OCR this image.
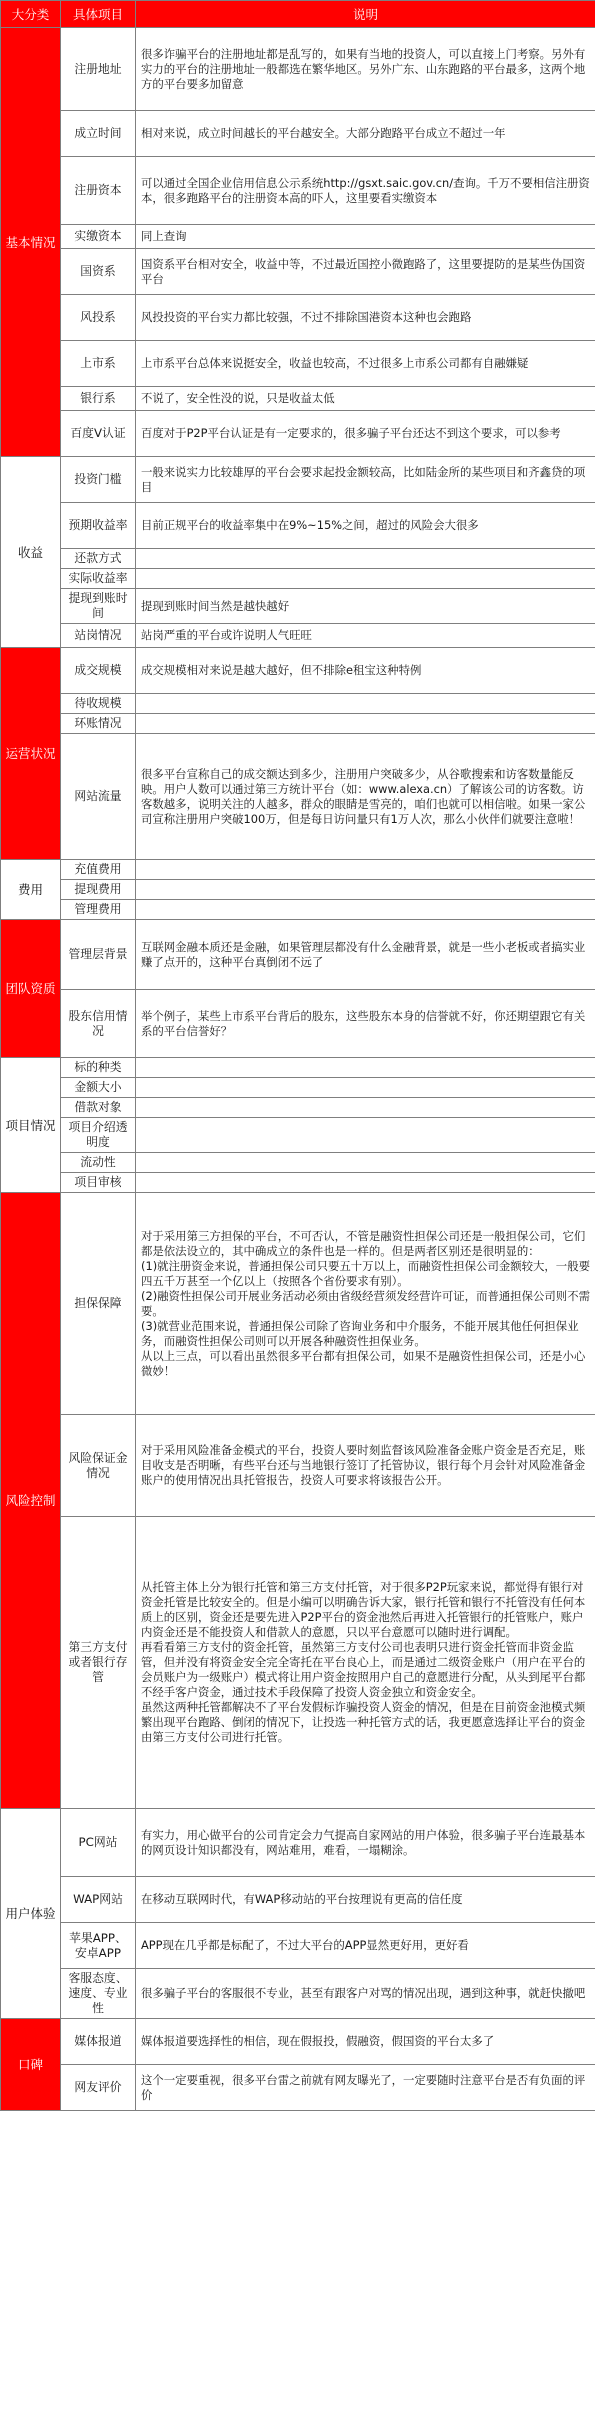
大分类	具体项目	说明
基本情况	注册地址	很多诈骗平台的注册地址都是乱写的，如果有当地的投资人，可以直接上门考察。另外有实力的平台的注册地址一般都选在繁华地区。另外广东、山东跑路的平台最多，这两个地方的平台要多加留意
	成立时间	相对来说，成立时间越长的平台越安全。大部分跑路平台成立不超过一年
	注册资本	可以通过全国企业信用信息公示系统http://gsxt.saic.gov.cn/查询。千万不要相信注册资本，很多跑路平台的注册资本高的吓人，这里要看实缴资本
	实缴资本	同上查询
	国资系	国资系平台相对安全，收益中等，不过最近国控小微跑路了，这里要提防的是某些伪国资平台
	风投系	风投投资的平台实力都比较强，不过不排除国港资本这种也会跑路
	上市系	上市系平台总体来说挺安全，收益也较高，不过很多上市系公司都有自融嫌疑
	银行系	不说了，安全性没的说，只是收益太低
	百度V认证	百度对于P2P平台认证是有一定要求的，很多骗子平台还达不到这个要求，可以参考
收益	投资门槛	一般来说实力比较雄厚的平台会要求起投金额较高，比如陆金所的某些项目和齐鑫贷的项目
	预期收益率	目前正规平台的收益率集中在9%~15%之间，超过的风险会大很多
	还款方式	
	实际收益率	
	提现到账时间	提现到账时间当然是越快越好
	站岗情况	站岗严重的平台或许说明人气旺旺
运营状况	成交规模	成交规模相对来说是越大越好，但不排除e租宝这种特例
	待收规模	
	环账情况	
	网站流量	很多平台宣称自己的成交额达到多少，注册用户突破多少，从谷歌搜索和访客数量能反映。用户人数可以通过第三方统计平台（如：www.alexa.cn）了解该公司的访客数。访客数越多，说明关注的人越多，群众的眼睛是雪亮的，咱们也就可以相信啦。如果一家公司宣称注册用户突破100万，但是每日访问量只有1万人次，那么小伙伴们就要注意啦！
费用	充值费用	
	提现费用	
	管理费用	
团队资质	管理层背景	互联网金融本质还是金融，如果管理层都没有什么金融背景，就是一些小老板或者搞实业赚了点开的，这种平台真倒闭不远了
	股东信用情况	举个例子，某些上市系平台背后的股东，这些股东本身的信誉就不好，你还期望跟它有关系的平台信誉好？
项目情况	标的种类	
	金额大小	
	借款对象	
	项目介绍透明度	
	流动性	
	项目审核	
风险控制	担保保障	对于采用第三方担保的平台，不可否认，不管是融资性担保公司还是一般担保公司，它们都是依法设立的，其中确成立的条件也是一样的。但是两者区别还是很明显的：
(1)就注册资金来说，普通担保公司只要五十万以上，而融资性担保公司金额较大，一般要四五千万甚至一个亿以上（按照各个省份要求有别）。
(2)融资性担保公司开展业务活动必须由省级经营须发经营许可证，而普通担保公司则不需要。
(3)就营业范围来说，普通担保公司除了咨询业务和中介服务，不能开展其他任何担保业务，而融资性担保公司则可以开展各种融资性担保业务。
从以上三点，可以看出虽然很多平台都有担保公司，如果不是融资性担保公司，还是小心微妙！
	风险保证金情况	对于采用风险准备金模式的平台，投资人要时刻监督该风险准备金账户资金是否充足，账目收支是否明晰，有些平台还与当地银行签订了托管协议，银行每个月会针对风险准备金账户的使用情况出具托管报告，投资人可要求将该报告公开。
	第三方支付或者银行存管	从托管主体上分为银行托管和第三方支付托管，对于很多P2P玩家来说，都觉得有银行对资金托管是比较安全的。但是小编可以明确告诉大家，银行托管和银行不托管没有任何本质上的区别，资金还是要先进入P2P平台的资金池然后再进入托管银行的托管账户，账户内资金还是不能投资人和借款人的意愿，只以平台意愿可以随时进行调配。
再看看第三方支付的资金托管，虽然第三方支付公司也表明只进行资金托管而非资金监管，但并没有将资金安全完全寄托在平台良心上，而是通过二级资金账户（用户在平台的会员账户为一级账户）模式将让用户资金按照用户自己的意愿进行分配，从头到尾平台都不经手客户资金，通过技术手段保障了投资人资金独立和资金安全。
虽然这两种托管都解决不了平台发假标诈骗投资人资金的情况，但是在目前资金池模式频繁出现平台跑路、倒闭的情况下，让投选一种托管方式的话，我更愿意选择让平台的资金由第三方支付公司进行托管。
用户体验	PC网站	有实力，用心做平台的公司肯定会力气提高自家网站的用户体验，很多骗子平台连最基本的网页设计知识都没有，网站难用，难看，一塌糊涂。
	WAP网站	在移动互联网时代，有WAP移动站的平台按理说有更高的信任度
	苹果APP、安卓APP	APP现在几乎都是标配了，不过大平台的APP显然更好用，更好看
	客服态度、速度、专业性	很多骗子平台的客服很不专业，甚至有跟客户对骂的情况出现，遇到这种事，就赶快撤吧
口碑	媒体报道	媒体报道要选择性的相信，现在假报投，假融资，假国资的平台太多了
	网友评价	这个一定要重视，很多平台雷之前就有网友曝光了，一定要随时注意平台是否有负面的评价
